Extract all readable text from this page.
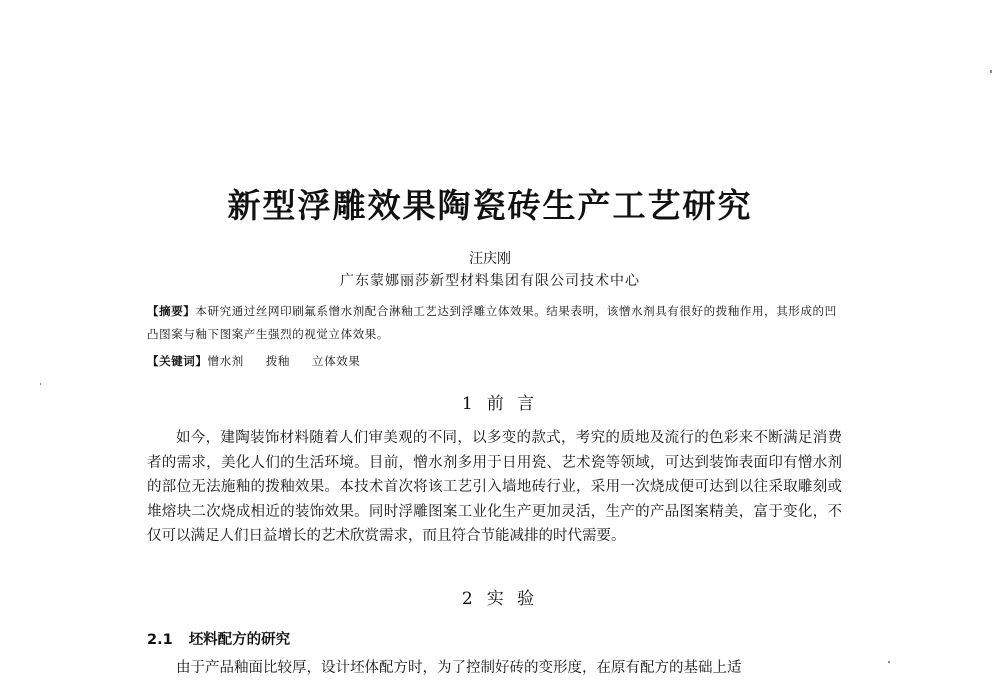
新型浮雕效果陶瓷砖生产工艺研究
汪庆刚
广东蒙娜丽莎新型材料集团有限公司技术中心
【摘要】本研究通过丝网印刷氟系憎水剂配合淋釉工艺达到浮雕立体效果。结果表明，该憎水剂具有很好的拨釉作用，其形成的凹凸图案与釉下图案产生强烈的视觉立体效果。
【关键词】憎水剂 拨釉 立体效果
1 前 言

如今，建陶装饰材料随着人们审美观的不同，以多变的款式，考究的质地及流行的色彩来不断满足消费者的需求，美化人们的生活环境。目前，憎水剂多用于日用瓷、艺术瓷等领域，可达到装饰表面印有憎水剂的部位无法施釉的拨釉效果。本技术首次将该工艺引入墙地砖行业，采用一次烧成便可达到以往采取雕刻或堆熔块二次烧成相近的装饰效果。同时浮雕图案工业化生产更加灵活，生产的产品图案精美，富于变化，不仅可以满足人们日益增长的艺术欣赏需求，而且符合节能减排的时代需要。

2 实 验
2.1 坯料配方的研究

由于产品釉面比较厚，设计坯体配方时，为了控制好砖的变形度，在原有配方的基础上适
